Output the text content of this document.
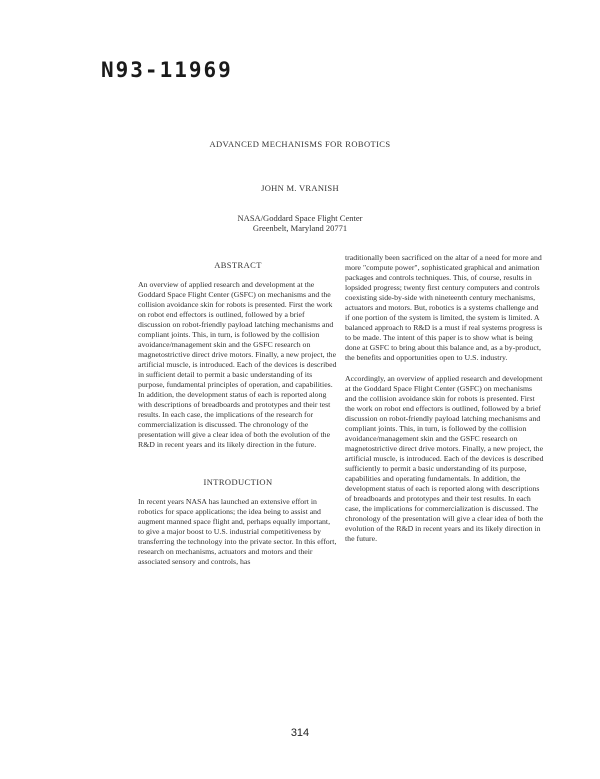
N93-11969
ADVANCED MECHANISMS FOR ROBOTICS
JOHN M. VRANISH
NASA/Goddard Space Flight Center
Greenbelt, Maryland 20771
ABSTRACT

An overview of applied research and development at the Goddard Space Flight Center (GSFC) on mechanisms and the collision avoidance skin for robots is presented. First the work on robot end effectors is outlined, followed by a brief discussion on robot-friendly payload latching mechanisms and compliant joints. This, in turn, is followed by the collision avoidance/management skin and the GSFC research on magnetostrictive direct drive motors. Finally, a new project, the artificial muscle, is introduced. Each of the devices is described in sufficient detail to permit a basic understanding of its purpose, fundamental principles of operation, and capabilities. In addition, the development status of each is reported along with descriptions of breadboards and prototypes and their test results. In each case, the implications of the research for commercialization is discussed. The chronology of the presentation will give a clear idea of both the evolution of the R&D in recent years and its likely direction in the future.

INTRODUCTION

In recent years NASA has launched an extensive effort in robotics for space applications; the idea being to assist and augment manned space flight and, perhaps equally important, to give a major boost to U.S. industrial competitiveness by transferring the technology into the private sector. In this effort, research on mechanisms, actuators and motors and their associated sensory and controls, has

traditionally been sacrificed on the altar of a need for more and more "compute power", sophisticated graphical and animation packages and controls techniques. This, of course, results in lopsided progress; twenty first century computers and controls coexisting side-by-side with nineteenth century mechanisms, actuators and motors. But, robotics is a systems challenge and if one portion of the system is limited, the system is limited. A balanced approach to R&D is a must if real systems progress is to be made. The intent of this paper is to show what is being done at GSFC to bring about this balance and, as a by-product, the benefits and opportunities open to U.S. industry.

Accordingly, an overview of applied research and development at the Goddard Space Flight Center (GSFC) on mechanisms and the collision avoidance skin for robots is presented. First the work on robot end effectors is outlined, followed by a brief discussion on robot-friendly payload latching mechanisms and compliant joints. This, in turn, is followed by the collision avoidance/management skin and the GSFC research on magnetostrictive direct drive motors. Finally, a new project, the artificial muscle, is introduced. Each of the devices is described sufficiently to permit a basic understanding of its purpose, capabilities and operating fundamentals. In addition, the development status of each is reported along with descriptions of breadboards and prototypes and their test results. In each case, the implications for commercialization is discussed. The chronology of the presentation will give a clear idea of both the evolution of the R&D in recent years and its likely direction in the future.

314
